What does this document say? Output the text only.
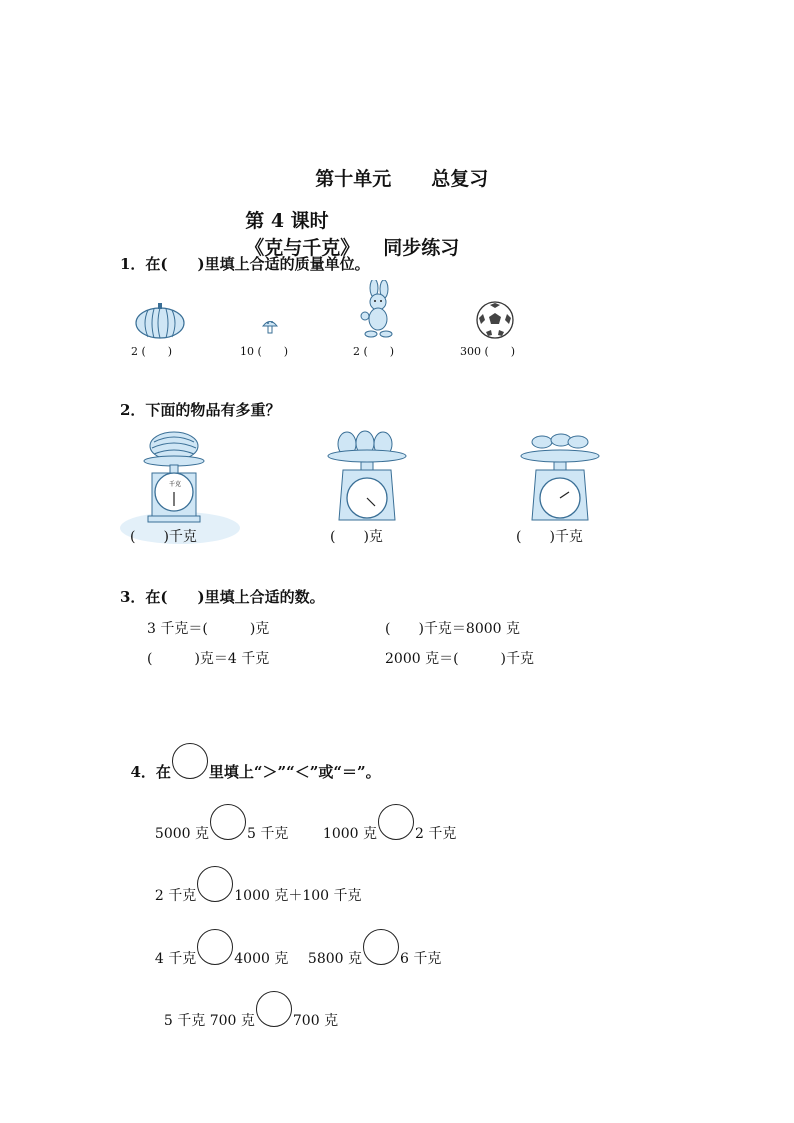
第十单元 总复习

第 4 课时
《克与千克》 同步练习

1．在(　　)里填上合适的质量单位。
2 (　　)	10 (　　)	2 (　　)	300 (　　)
2．下面的物品有多重？
千克
(　　)千克	(　　)克	(　　)千克
3．在(　　)里填上合适的数。
3 千克＝(　　　)克	(　　)千克＝8000 克
(　　　)克＝4 千克	2000 克＝(　　　)千克

4．在	里填上“＞”“＜”或“＝”。

5000 克	5 千克	1000 克	2 千克

2 千克	1000 克＋100 千克

4 千克	4000 克	5800 克	6 千克

5 千克 700 克	700 克
